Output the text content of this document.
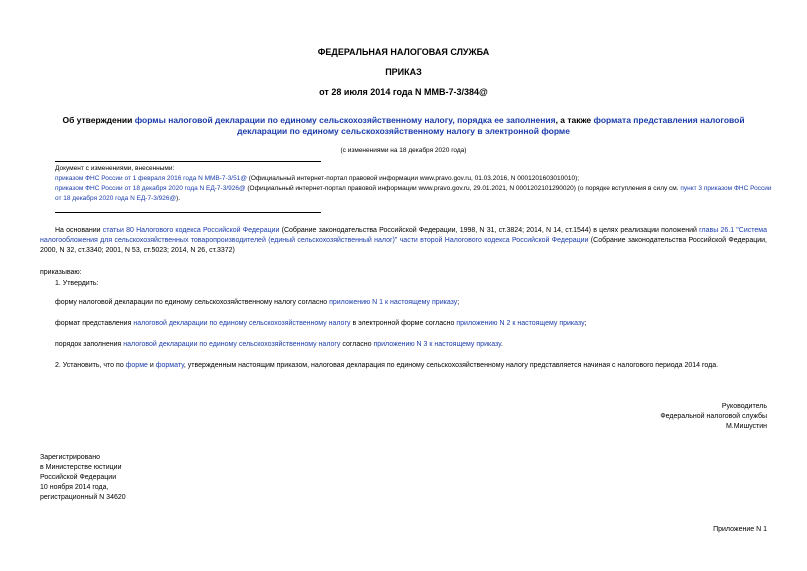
ФЕДЕРАЛЬНАЯ НАЛОГОВАЯ СЛУЖБА
ПРИКАЗ
от 28 июля 2014 года N ММВ-7-3/384@
Об утверждении формы налоговой декларации по единому сельскохозяйственному налогу, порядка ее заполнения, а также формата представления налоговой декларации по единому сельскохозяйственному налогу в электронной форме
(с изменениями на 18 декабря 2020 года)
Документ с изменениями, внесенными:
приказом ФНС России от 1 февраля 2016 года N ММВ-7-3/51@ (Официальный интернет-портал правовой информации www.pravo.gov.ru, 01.03.2016, N 0001201603010010);
приказом ФНС России от 18 декабря 2020 года N ЕД-7-3/926@ (Официальный интернет-портал правовой информации www.pravo.gov.ru, 29.01.2021, N 0001202101290020) (о порядке вступления в силу см. пункт 3 приказом ФНС России от 18 декабря 2020 года N ЕД-7-3/926@).
На основании статьи 80 Налогового кодекса Российской Федерации (Собрание законодательства Российской Федерации, 1998, N 31, ст.3824; 2014, N 14, ст.1544) в целях реализации положений главы 26.1 "Система налогообложения для сельскохозяйственных товаропроизводителей (единый сельскохозяйственный налог)" части второй Налогового кодекса Российской Федерации (Собрание законодательства Российской Федерации, 2000, N 32, ст.3340; 2001, N 53, ст.5023; 2014, N 26, ст.3372)
приказываю:
1. Утвердить:
форму налоговой декларации по единому сельскохозяйственному налогу согласно приложению N 1 к настоящему приказу;
формат представления налоговой декларации по единому сельскохозяйственному налогу в электронной форме согласно приложению N 2 к настоящему приказу;
порядок заполнения налоговой декларации по единому сельскохозяйственному налогу согласно приложению N 3 к настоящему приказу.
2. Установить, что по форме и формату, утвержденным настоящим приказом, налоговая декларация по единому сельскохозяйственному налогу представляется начиная с налогового периода 2014 года.
Руководитель
Федеральной налоговой службы
М.Мишустин
Зарегистрировано
в Министерстве юстиции
Российской Федерации
10 ноября 2014 года,
регистрационный N 34620
Приложение N 1
